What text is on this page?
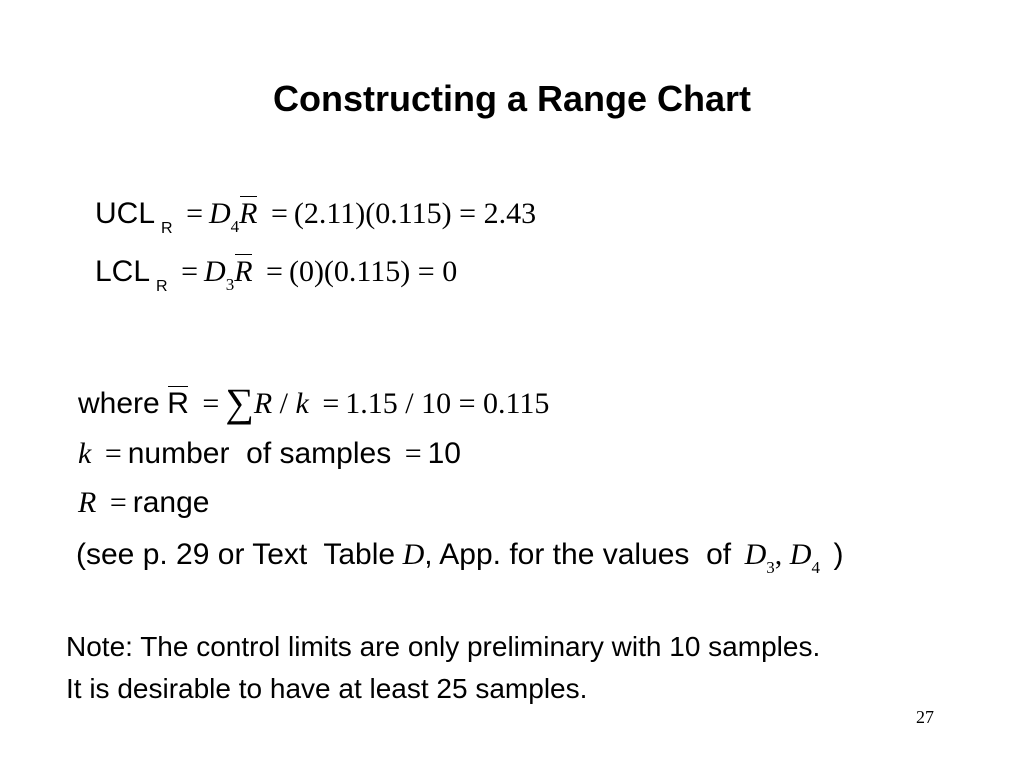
Constructing a Range Chart
UCL $_R = D_4R = (2.11)(0.115) = 2.43$
LCL $_R = D_3R = (0)(0.115) = 0$
where R = ∑R / k = 1.15 / 10 = 0.115
k = number  of samples = 10
R = range
(see p. 29 or Text  Table D, App. for the values  of $D_3$, $D_4$ )
Note: The control limits are only preliminary with 10 samples.
It is desirable to have at least 25 samples.
27
